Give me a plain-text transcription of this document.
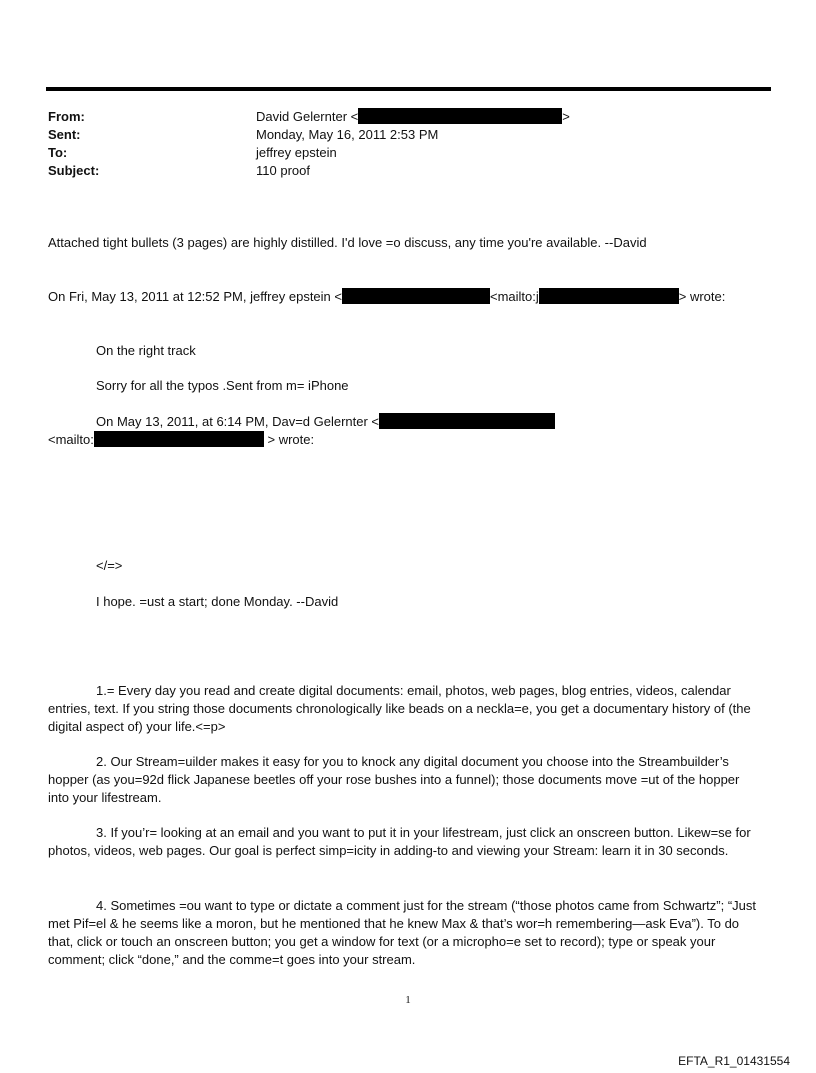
From:	David Gelernter <	>
Sent:	Monday, May 16, 2011 2:53 PM
To:	jeffrey epstein
Subject:	110 proof
Attached tight bullets (3 pages) are highly distilled. I'd love =o discuss, any time you're available. --David
On Fri, May 13, 2011 at 12:52 PM, jeffrey epstein <	<mailto:j	> wrote:
On the right track
Sorry for all the typos .Sent from m= iPhone
On May 13, 2011, at 6:14 PM, Dav=d Gelernter <
<mailto:	> wrote:
</=>
I hope. =ust a start; done Monday. --David
1.= Every day you read and create digital documents: email, photos, web pages, blog entries, videos, calendar entries, text. If you string those documents chronologically like beads on a neckla=e, you get a documentary history of (the digital aspect of) your life.<=p>
2. Our Stream=uilder makes it easy for you to knock any digital document you choose into the Streambuilder’s hopper (as you=92d flick Japanese beetles off your rose bushes into a funnel); those documents move =ut of the hopper into your lifestream.
3. If you’r= looking at an email and you want to put it in your lifestream, just click an onscreen button. Likew=se for photos, videos, web pages. Our goal is perfect simp=icity in adding-to and viewing your Stream: learn it in 30 seconds.
4. Sometimes =ou want to type or dictate a comment just for the stream (“those photos came from Schwartz”; “Just met Pif=el & he seems like a moron, but he mentioned that he knew Max & that’s wor=h remembering—ask Eva”). To do that, click or touch an onscreen button; you get a window for text (or a micropho=e set to record); type or speak your comment; click “done,” and the comme=t goes into your stream.
1
EFTA_R1_01431554
